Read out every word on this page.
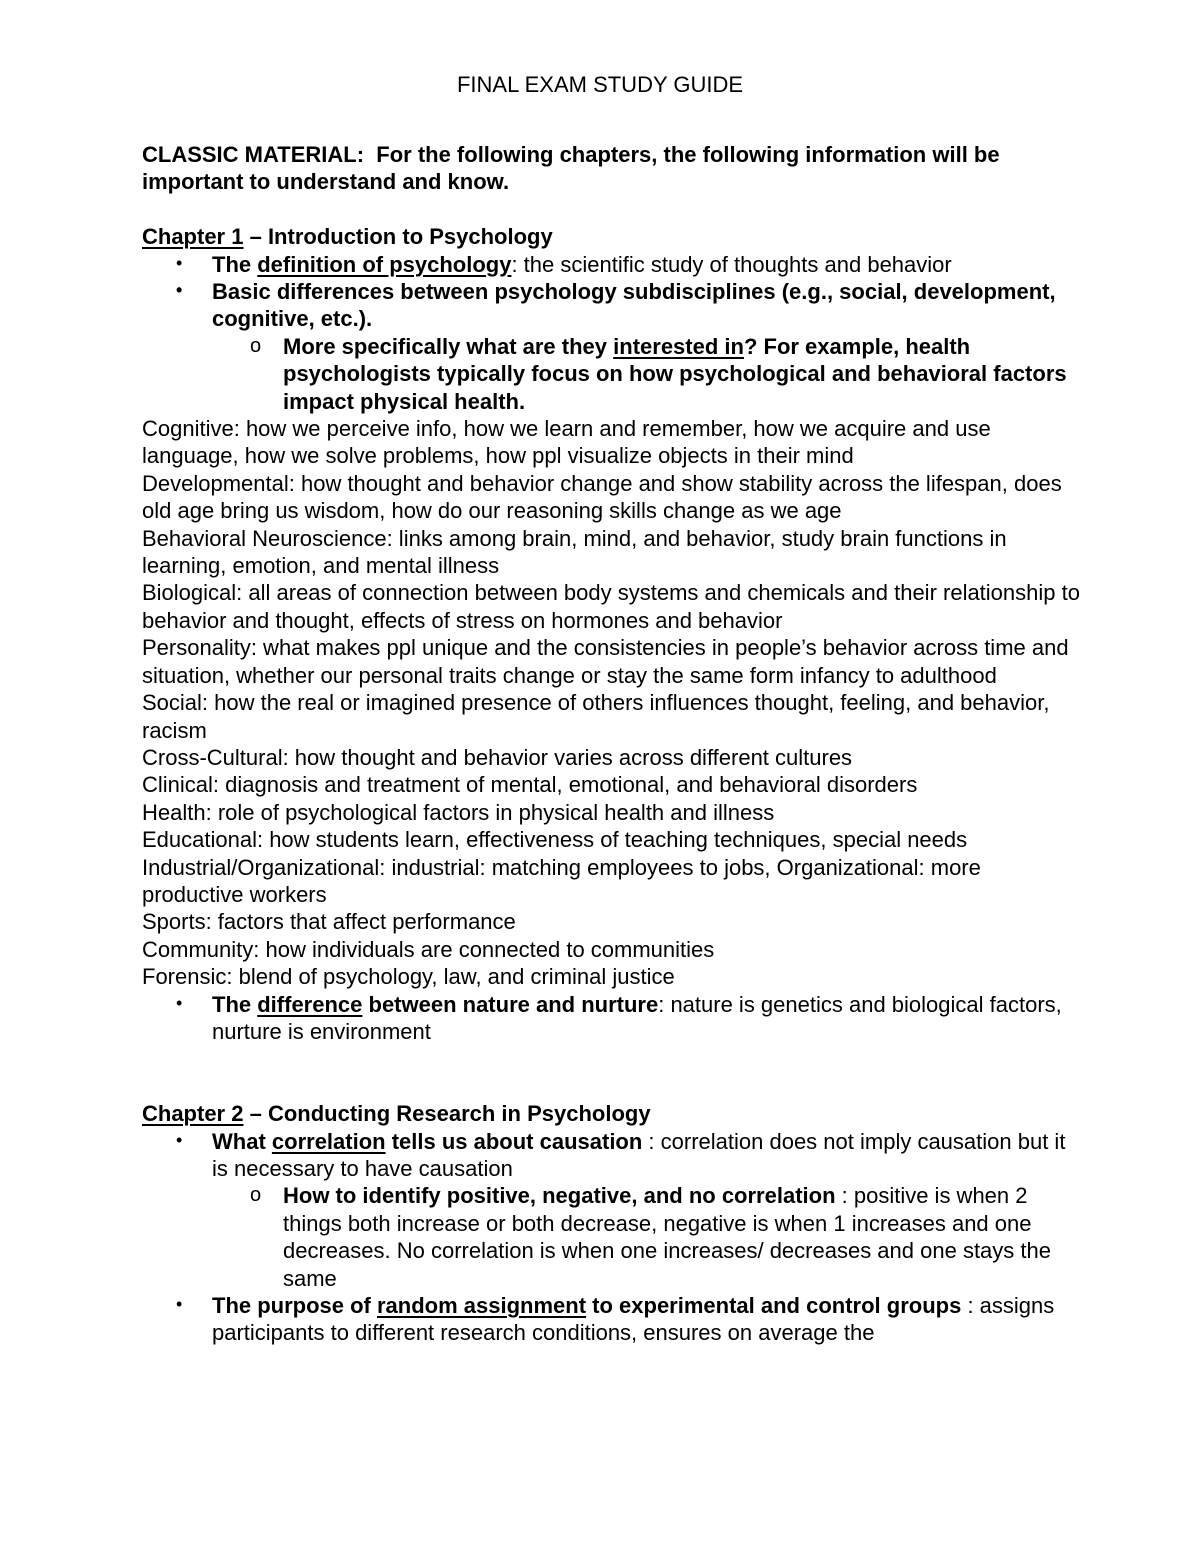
FINAL EXAM STUDY GUIDE

CLASSIC MATERIAL: For the following chapters, the following information will be important to understand and know.

Chapter 1 – Introduction to Psychology

• The definition of psychology: the scientific study of thoughts and behavior

• Basic differences between psychology subdisciplines (e.g., social, development, cognitive, etc.).

o More specifically what are they interested in? For example, health psychologists typically focus on how psychological and behavioral factors impact physical health.

Cognitive: how we perceive info, how we learn and remember, how we acquire and use language, how we solve problems, how ppl visualize objects in their mind

Developmental: how thought and behavior change and show stability across the lifespan, does old age bring us wisdom, how do our reasoning skills change as we age

Behavioral Neuroscience: links among brain, mind, and behavior, study brain functions in learning, emotion, and mental illness

Biological: all areas of connection between body systems and chemicals and their relationship to behavior and thought, effects of stress on hormones and behavior

Personality: what makes ppl unique and the consistencies in people’s behavior across time and situation, whether our personal traits change or stay the same form infancy to adulthood

Social: how the real or imagined presence of others influences thought, feeling, and behavior, racism

Cross-Cultural: how thought and behavior varies across different cultures

Clinical: diagnosis and treatment of mental, emotional, and behavioral disorders

Health: role of psychological factors in physical health and illness

Educational: how students learn, effectiveness of teaching techniques, special needs

Industrial/Organizational: industrial: matching employees to jobs, Organizational: more productive workers

Sports: factors that affect performance

Community: how individuals are connected to communities

Forensic: blend of psychology, law, and criminal justice

• The difference between nature and nurture: nature is genetics and biological factors, nurture is environment

Chapter 2 – Conducting Research in Psychology

• What correlation tells us about causation : correlation does not imply causation but it is necessary to have causation

o How to identify positive, negative, and no correlation : positive is when 2 things both increase or both decrease, negative is when 1 increases and one decreases. No correlation is when one increases/ decreases and one stays the same

• The purpose of random assignment to experimental and control groups : assigns participants to different research conditions, ensures on average the
